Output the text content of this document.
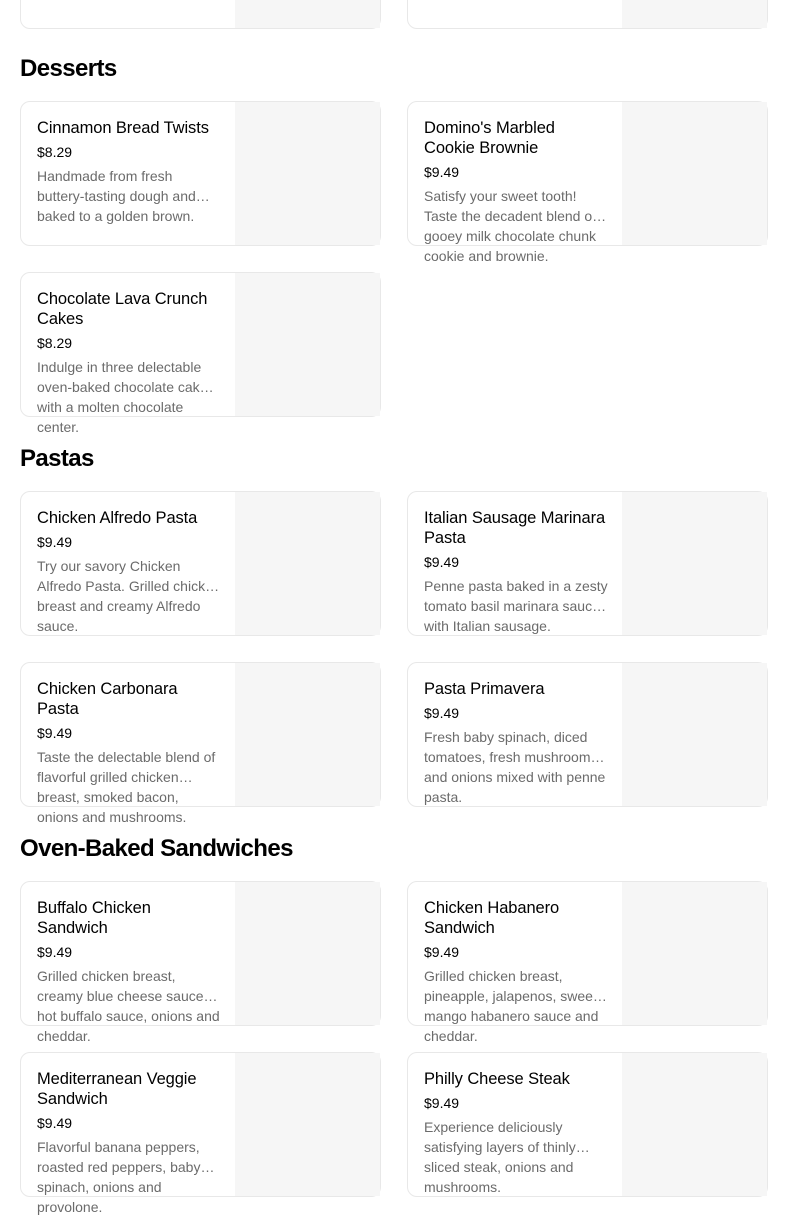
Desserts
Cinnamon Bread Twists
$8.29
Handmade from fresh buttery-tasting dough and baked to a golden brown.
Domino's Marbled Cookie Brownie
$9.49
Satisfy your sweet tooth! Taste the decadent blend of gooey milk chocolate chunk cookie and brownie.
Chocolate Lava Crunch Cakes
$8.29
Indulge in three delectable oven-baked chocolate cakes with a molten chocolate center.
Pastas
Chicken Alfredo Pasta
$9.49
Try our savory Chicken Alfredo Pasta. Grilled chicken breast and creamy Alfredo sauce.
Italian Sausage Marinara Pasta
$9.49
Penne pasta baked in a zesty tomato basil marinara sauce with Italian sausage.
Chicken Carbonara Pasta
$9.49
Taste the delectable blend of flavorful grilled chicken breast, smoked bacon, onions and mushrooms.
Pasta Primavera
$9.49
Fresh baby spinach, diced tomatoes, fresh mushrooms and onions mixed with penne pasta.
Oven-Baked Sandwiches
Buffalo Chicken Sandwich
$9.49
Grilled chicken breast, creamy blue cheese sauce, hot buffalo sauce, onions and cheddar.
Chicken Habanero Sandwich
$9.49
Grilled chicken breast, pineapple, jalapenos, sweet mango habanero sauce and cheddar.
Mediterranean Veggie Sandwich
$9.49
Flavorful banana peppers, roasted red peppers, baby spinach, onions and provolone.
Philly Cheese Steak
$9.49
Experience deliciously satisfying layers of thinly sliced steak, onions and mushrooms.
